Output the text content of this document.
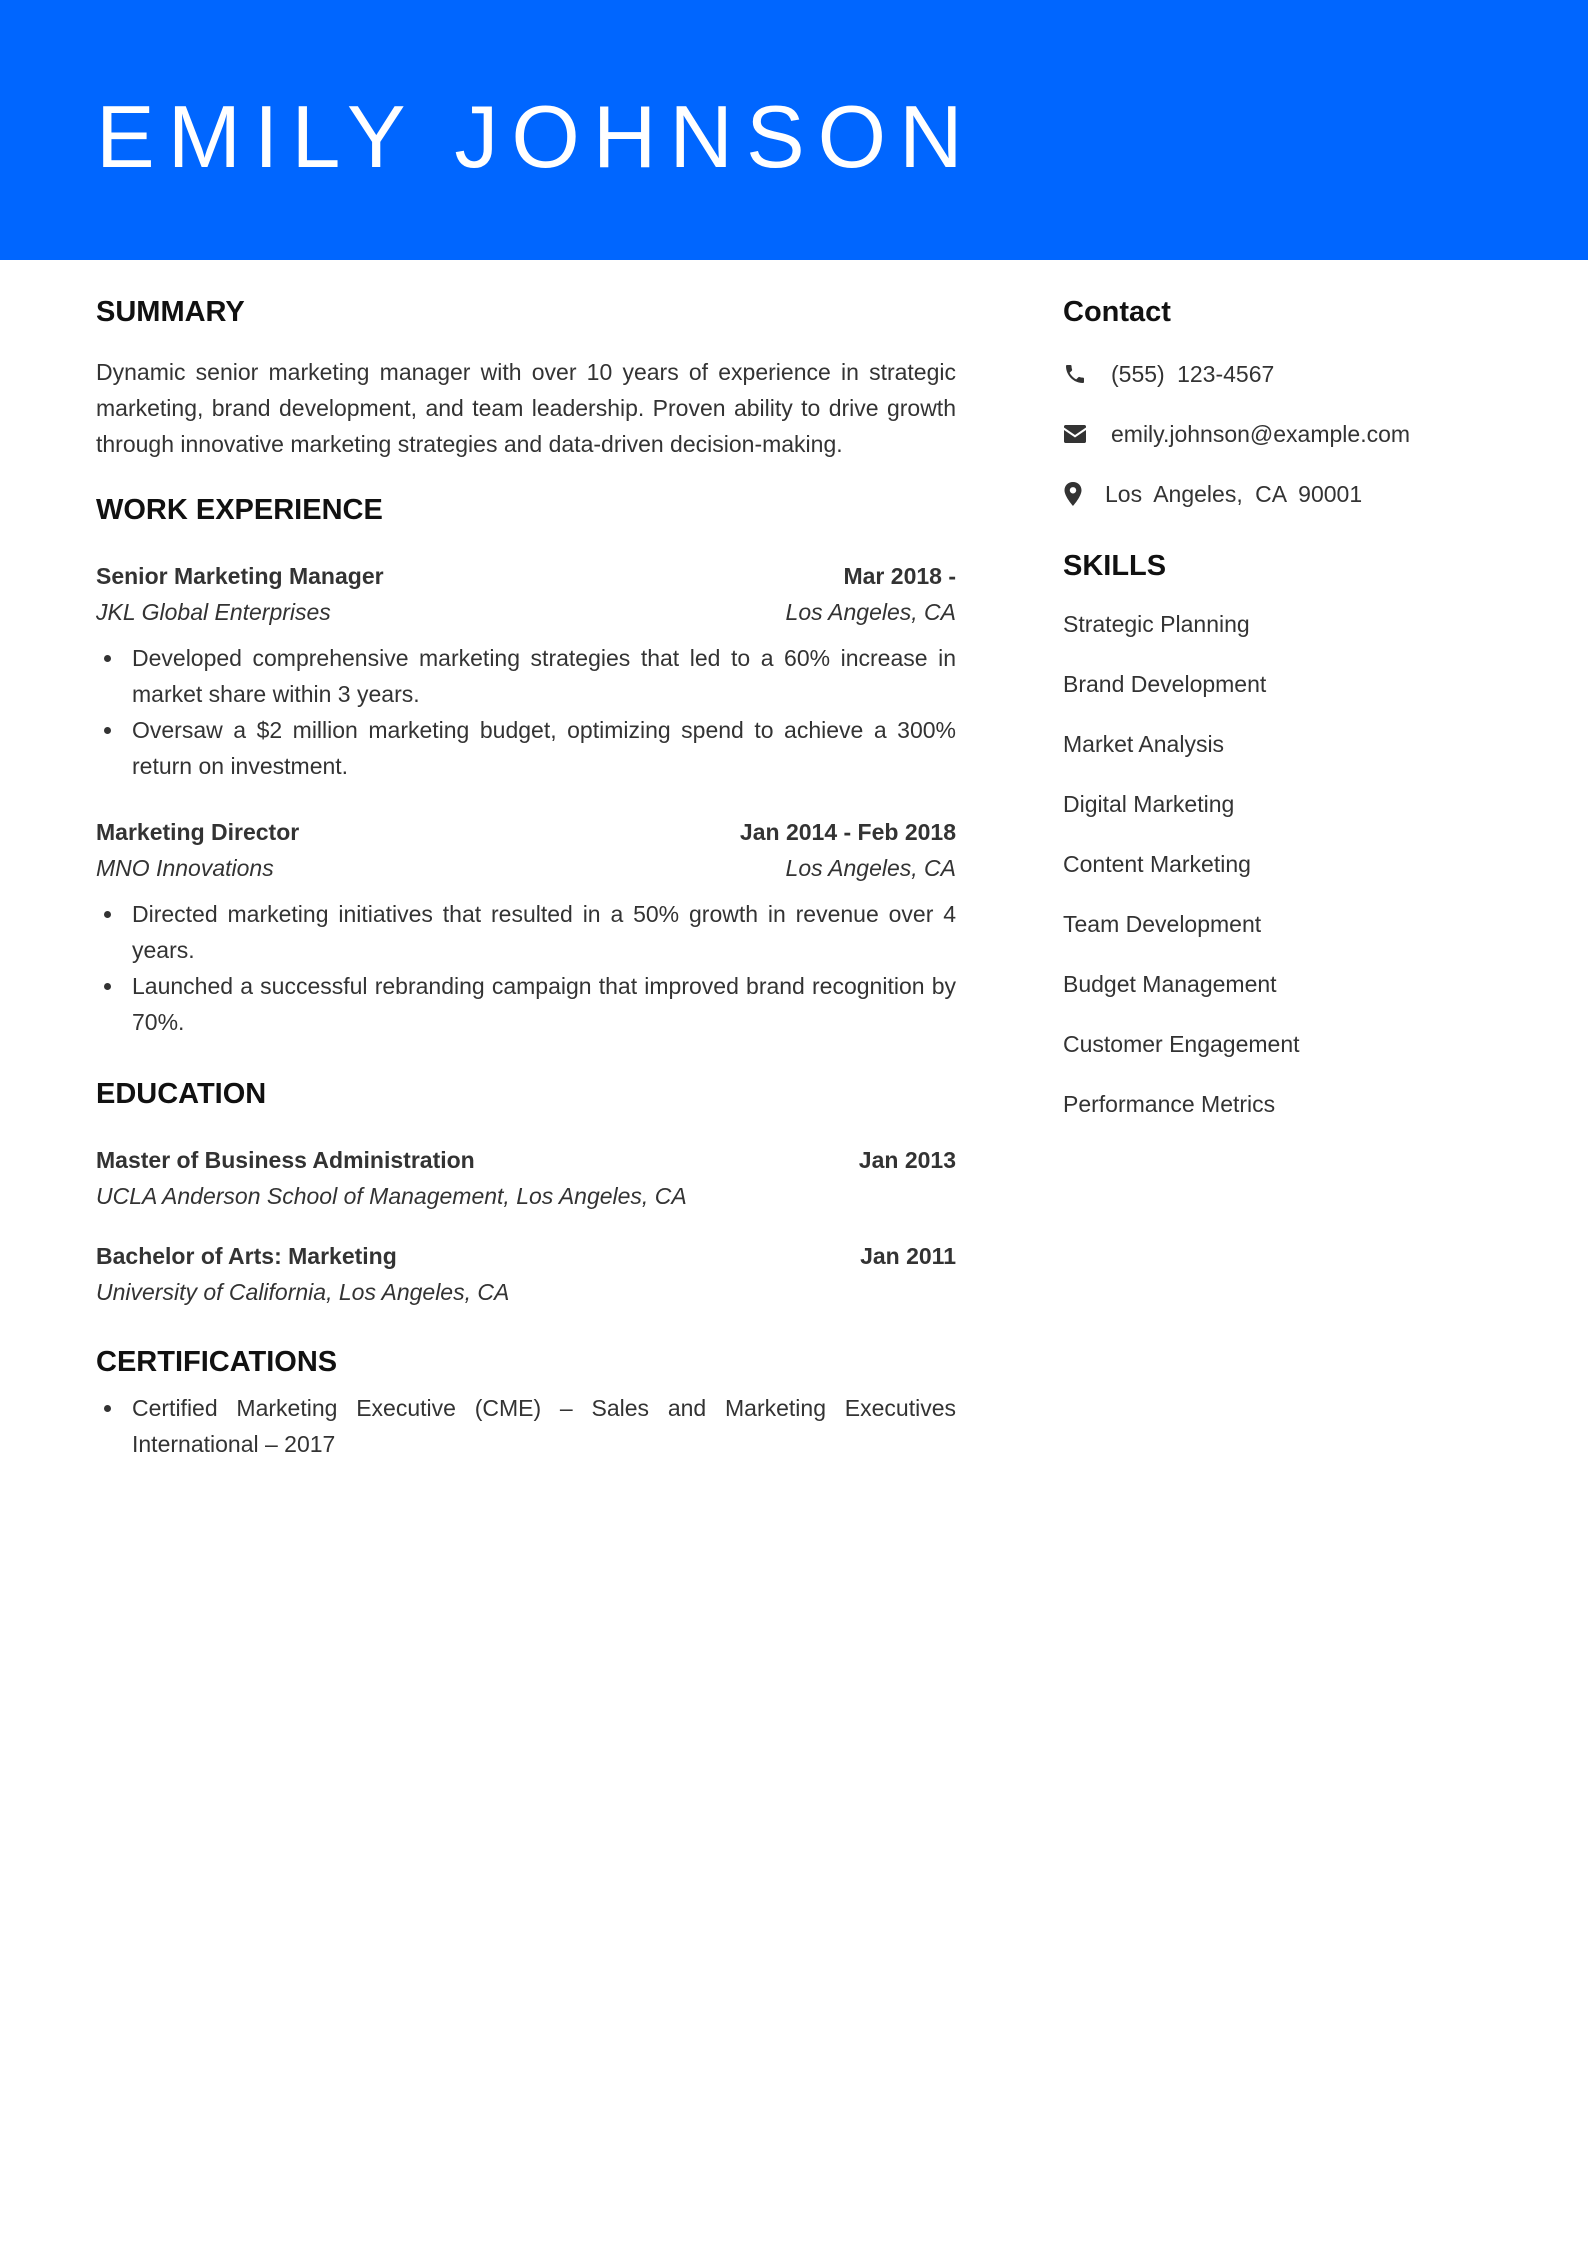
EMILY JOHNSON
SUMMARY
Dynamic senior marketing manager with over 10 years of experience in strategic marketing, brand development, and team leadership. Proven ability to drive growth through innovative marketing strategies and data-driven decision-making.
WORK EXPERIENCE
Senior Marketing Manager	Mar 2018 -
JKL Global Enterprises	Los Angeles, CA
Developed comprehensive marketing strategies that led to a 60% increase in market share within 3 years.
Oversaw a $2 million marketing budget, optimizing spend to achieve a 300% return on investment.
Marketing Director	Jan 2014 - Feb 2018
MNO Innovations	Los Angeles, CA
Directed marketing initiatives that resulted in a 50% growth in revenue over 4 years.
Launched a successful rebranding campaign that improved brand recognition by 70%.
EDUCATION
Master of Business Administration	Jan 2013
UCLA Anderson School of Management, Los Angeles, CA
Bachelor of Arts: Marketing	Jan 2011
University of California, Los Angeles, CA
CERTIFICATIONS
Certified Marketing Executive (CME) – Sales and Marketing Executives International – 2017
Contact
(555) 123-4567
emily.johnson@example.com
Los Angeles, CA 90001
SKILLS
Strategic Planning
Brand Development
Market Analysis
Digital Marketing
Content Marketing
Team Development
Budget Management
Customer Engagement
Performance Metrics
